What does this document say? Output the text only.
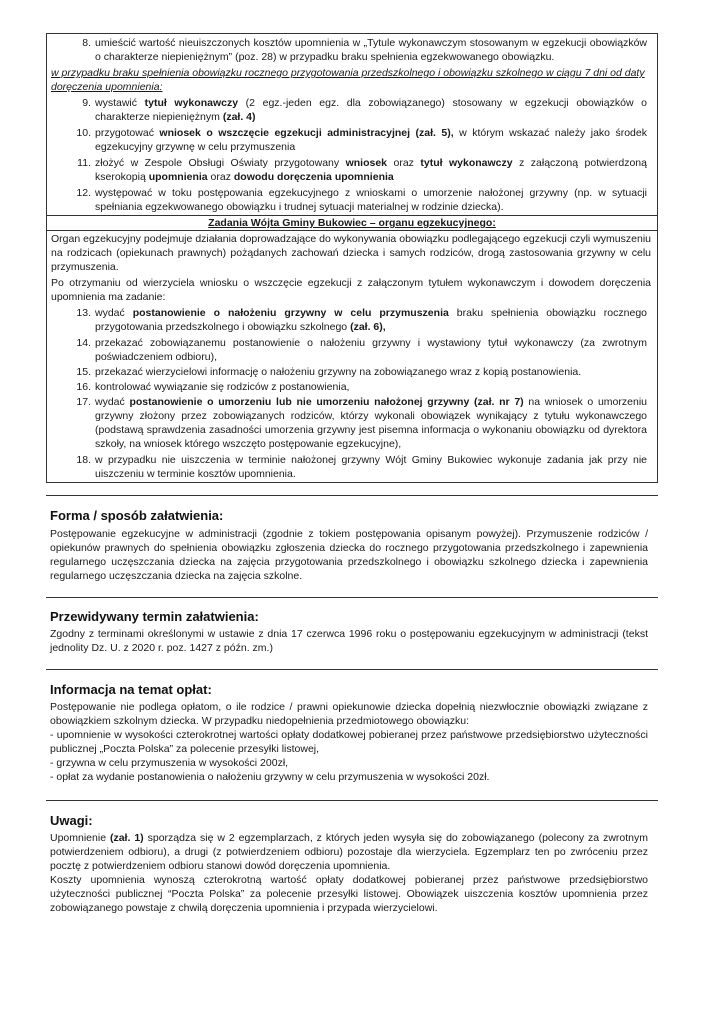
8. umieścić wartość nieuiszczonych kosztów upomnienia w „Tytule wykonawczym stosowanym w egzekucji obowiązków o charakterze niepieniężnym” (poz. 28) w przypadku braku spełnienia egzekwowanego obowiązku.
w przypadku braku spełnienia obowiązku rocznego przygotowania przedszkolnego i obowiązku szkolnego w ciągu 7 dni od daty doręczenia upomnienia:
9. wystawić tytuł wykonawczy (2 egz.-jeden egz. dla zobowiązanego) stosowany w egzekucji obowiązków o charakterze niepieniężnym (zał. 4)
10. przygotować wniosek o wszczęcie egzekucji administracyjnej (zał. 5), w którym wskazać należy jako środek egzekucyjny grzywnę w celu przymuszenia
11. złożyć w Zespole Obsługi Oświaty przygotowany wniosek oraz tytuł wykonawczy z załączoną potwierdzoną kserokopią upomnienia oraz dowodu doręczenia upomnienia
12. występować w toku postępowania egzekucyjnego z wnioskami o umorzenie nałożonej grzywny (np. w sytuacji spełniania egzekwowanego obowiązku i trudnej sytuacji materialnej w rodzinie dziecka).
Zadania Wójta Gminy Bukowiec – organu egzekucyjnego:
Organ egzekucyjny podejmuje działania doprowadzające do wykonywania obowiązku podlegającego egzekucji czyli wymuszeniu na rodzicach (opiekunach prawnych) pożądanych zachowań dziecka i samych rodziców, drogą zastosowania grzywny w celu przymuszenia.
Po otrzymaniu od wierzyciela wniosku o wszczęcie egzekucji z załączonym tytułem wykonawczym i dowodem doręczenia upomnienia ma zadanie:
13. wydać postanowienie o nałożeniu grzywny w celu przymuszenia braku spełnienia obowiązku rocznego przygotowania przedszkolnego i obowiązku szkolnego (zał. 6),
14. przekazać zobowiązanemu postanowienie o nałożeniu grzywny i wystawiony tytuł wykonawczy (za zwrotnym poświadczeniem odbioru),
15. przekazać wierzycielowi informację o nałożeniu grzywny na zobowiązanego wraz z kopią postanowienia.
16. kontrolować wywiązanie się rodziców z postanowienia,
17. wydać postanowienie o umorzeniu lub nie umorzeniu nałożonej grzywny (zał. nr 7) na wniosek o umorzeniu grzywny złożony przez zobowiązanych rodziców, którzy wykonali obowiązek wynikający z tytułu wykonawczego (podstawą sprawdzenia zasadności umorzenia grzywny jest pisemna informacja o wykonaniu obowiązku od dyrektora szkoły, na wniosek którego wszczęto postępowanie egzekucyjne),
18. w przypadku nie uiszczenia w terminie nałożonej grzywny Wójt Gminy Bukowiec wykonuje zadania jak przy nie uiszczeniu w terminie kosztów upomnienia.
Forma / sposób załatwienia:
Postępowanie egzekucyjne w administracji (zgodnie z tokiem postępowania opisanym powyżej). Przymuszenie rodziców / opiekunów prawnych do spełnienia obowiązku zgłoszenia dziecka do rocznego przygotowania przedszkolnego i zapewnienia regularnego uczęszczania dziecka na zajęcia przygotowania przedszkolnego i obowiązku szkolnego dziecka i zapewnienia regularnego uczęszczania dziecka na zajęcia szkolne.
Przewidywany termin załatwienia:
Zgodny z terminami określonymi w ustawie z dnia 17 czerwca 1996 roku o postępowaniu egzekucyjnym w administracji (tekst jednolity Dz. U. z 2020 r. poz. 1427 z późn. zm.)
Informacja na temat opłat:
Postępowanie nie podlega opłatom, o ile rodzice / prawni opiekunowie dziecka dopełnią niezwłocznie obowiązki związane z obowiązkiem szkolnym dziecka. W przypadku niedopełnienia przedmiotowego obowiązku:
- upomnienie w wysokości czterokrotnej wartości opłaty dodatkowej pobieranej przez państwowe przedsiębiorstwo użyteczności publicznej „Poczta Polska” za polecenie przesyłki listowej,
- grzywna w celu przymuszenia w wysokości 200zł,
- opłat za wydanie postanowienia o nałożeniu grzywny w celu przymuszenia w wysokości 20zł.
Uwagi:
Upomnienie (zał. 1) sporządza się w 2 egzemplarzach, z których jeden wysyła się do zobowiązanego (polecony za zwrotnym potwierdzeniem odbioru), a drugi (z potwierdzeniem odbioru) pozostaje dla wierzyciela. Egzemplarz ten po zwróceniu przez pocztę z potwierdzeniem odbioru stanowi dowód doręczenia upomnienia.
Koszty upomnienia wynoszą czterokrotną wartość opłaty dodatkowej pobieranej przez państwowe przedsiębiorstwo użyteczności publicznej “Poczta Polska” za polecenie przesyłki listowej. Obowiązek uiszczenia kosztów upomnienia przez zobowiązanego powstaje z chwilą doręczenia upomnienia i przypada wierzycielowi.
